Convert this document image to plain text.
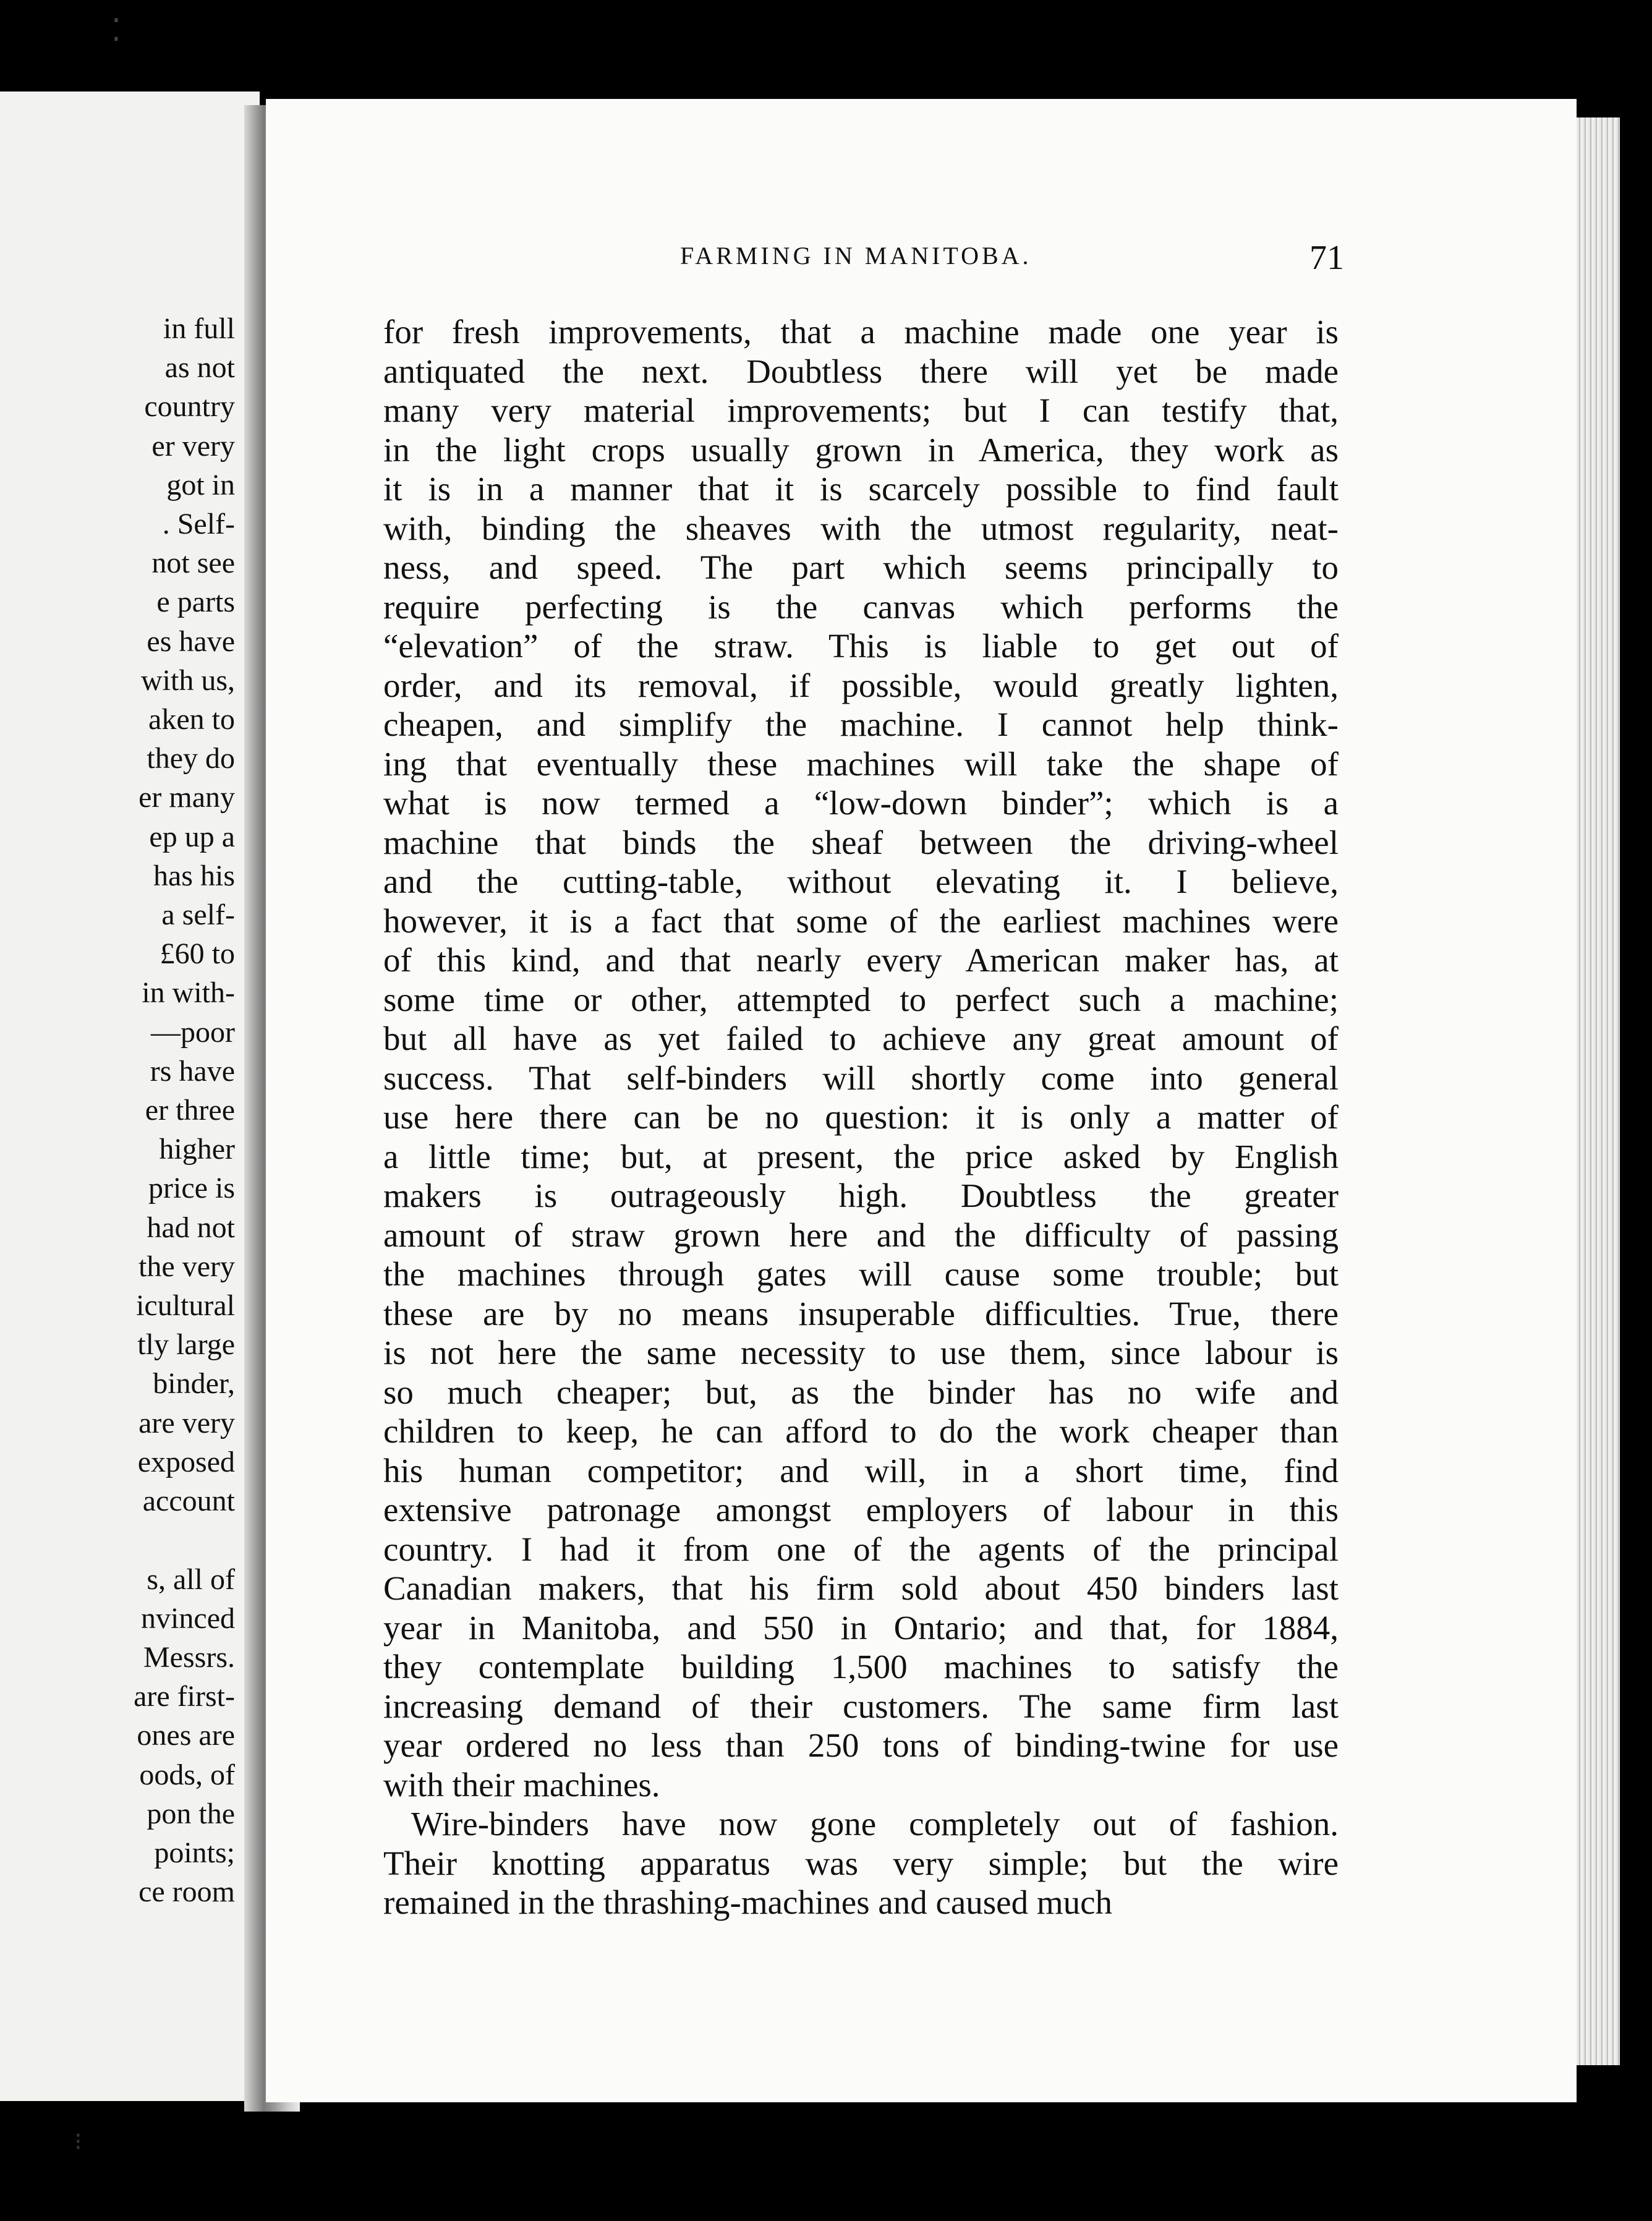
⁚
in full
as not
country
er very
got in
. Self-
not see
e parts
es have
with us,
aken to
they do
er many
ep up a
has his
a self-
£60 to
in with-
—poor
rs have
er three
higher
price is
had not
the very
icultural
tly large
binder,
are very
exposed
account

s, all of
nvinced
Messrs.
are first-
ones are
oods, of
pon the
points;
ce room
FARMING IN MANITOBA.	71
for fresh improvements, that a machine made one year is
antiquated the next. Doubtless there will yet be made
many very material improvements; but I can testify that,
in the light crops usually grown in America, they work as
it is in a manner that it is scarcely possible to find fault
with, binding the sheaves with the utmost regularity, neat-
ness, and speed. The part which seems principally to
require perfecting is the canvas which performs the
“elevation” of the straw. This is liable to get out of
order, and its removal, if possible, would greatly lighten,
cheapen, and simplify the machine. I cannot help think-
ing that eventually these machines will take the shape of
what is now termed a “low-down binder”; which is a
machine that binds the sheaf between the driving-wheel
and the cutting-table, without elevating it. I believe,
however, it is a fact that some of the earliest machines were
of this kind, and that nearly every American maker has, at
some time or other, attempted to perfect such a machine;
but all have as yet failed to achieve any great amount of
success. That self-binders will shortly come into general
use here there can be no question: it is only a matter of
a little time; but, at present, the price asked by English
makers is outrageously high. Doubtless the greater
amount of straw grown here and the difficulty of passing
the machines through gates will cause some trouble; but
these are by no means insuperable difficulties. True, there
is not here the same necessity to use them, since labour is
so much cheaper; but, as the binder has no wife and
children to keep, he can afford to do the work cheaper than
his human competitor; and will, in a short time, find
extensive patronage amongst employers of labour in this
country. I had it from one of the agents of the principal
Canadian makers, that his firm sold about 450 binders last
year in Manitoba, and 550 in Ontario; and that, for 1884,
they contemplate building 1,500 machines to satisfy the
increasing demand of their customers. The same firm last
year ordered no less than 250 tons of binding-twine for use
with their machines.
Wire-binders have now gone completely out of fashion.
Their knotting apparatus was very simple; but the wire
remained in the thrashing-machines and caused much
⁝
